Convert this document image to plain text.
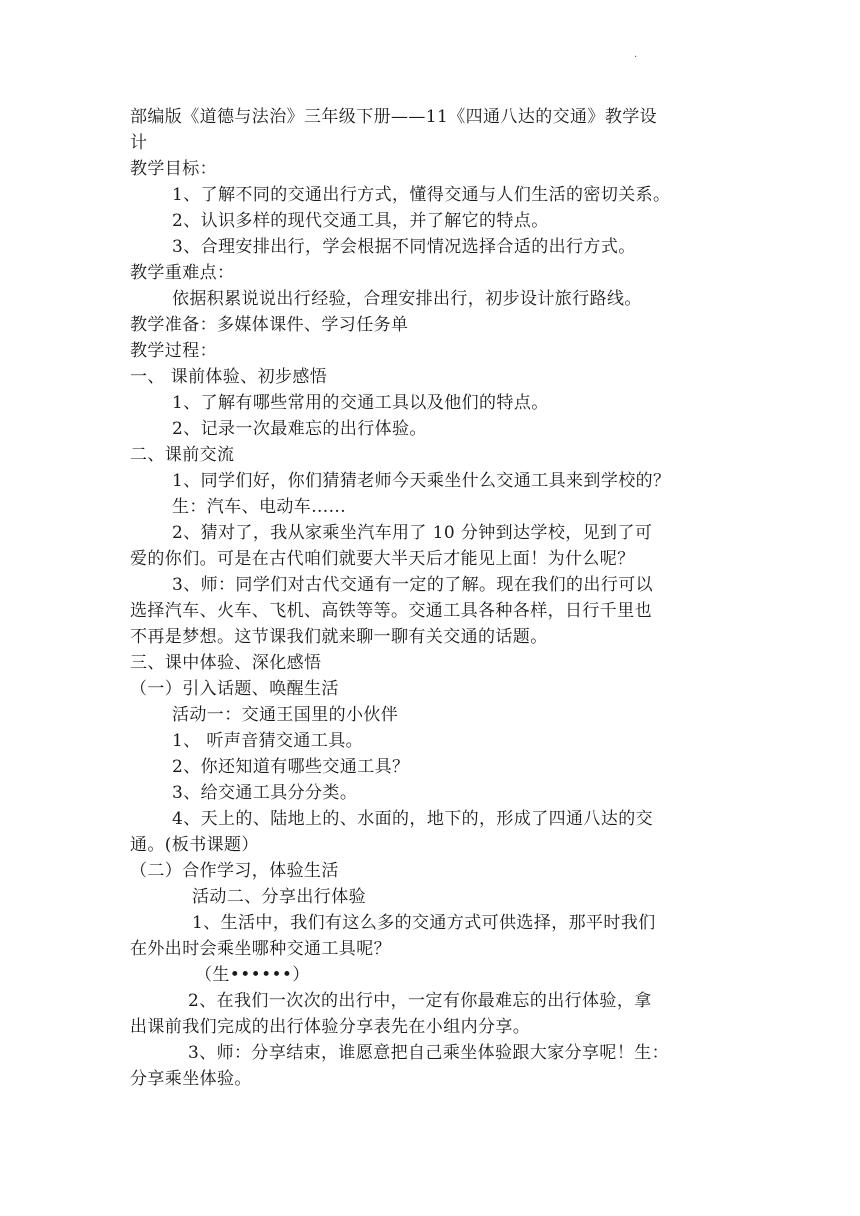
·
部编版《道德与法治》三年级下册——11《四通八达的交通》教学设
计
教学目标：
1、了解不同的交通出行方式，懂得交通与人们生活的密切关系。
2、认识多样的现代交通工具，并了解它的特点。
3、合理安排出行，学会根据不同情况选择合适的出行方式。
教学重难点：
依据积累说说出行经验，合理安排出行，初步设计旅行路线。
教学准备：多媒体课件、学习任务单
教学过程：
一、 课前体验、初步感悟
1、了解有哪些常用的交通工具以及他们的特点。
2、记录一次最难忘的出行体验。
二、课前交流
1、同学们好，你们猜猜老师今天乘坐什么交通工具来到学校的？
生：汽车、电动车......
2、猜对了，我从家乘坐汽车用了 10 分钟到达学校，见到了可
爱的你们。可是在古代咱们就要大半天后才能见上面！为什么呢？
3、师：同学们对古代交通有一定的了解。现在我们的出行可以
选择汽车、火车、飞机、高铁等等。交通工具各种各样，日行千里也
不再是梦想。这节课我们就来聊一聊有关交通的话题。
三、课中体验、深化感悟
（一）引入话题、唤醒生活
活动一：交通王国里的小伙伴
1、 听声音猜交通工具。
2、你还知道有哪些交通工具？
3、给交通工具分分类。
4、天上的、陆地上的、水面的，地下的，形成了四通八达的交
通。(板书课题）
（二）合作学习，体验生活
活动二、分享出行体验
1、生活中，我们有这么多的交通方式可供选择，那平时我们
在外出时会乘坐哪种交通工具呢？
（生••••••）
2、在我们一次次的出行中，一定有你最难忘的出行体验，拿
出课前我们完成的出行体验分享表先在小组内分享。
3、师：分享结束，谁愿意把自己乘坐体验跟大家分享呢！生：
分享乘坐体验。
